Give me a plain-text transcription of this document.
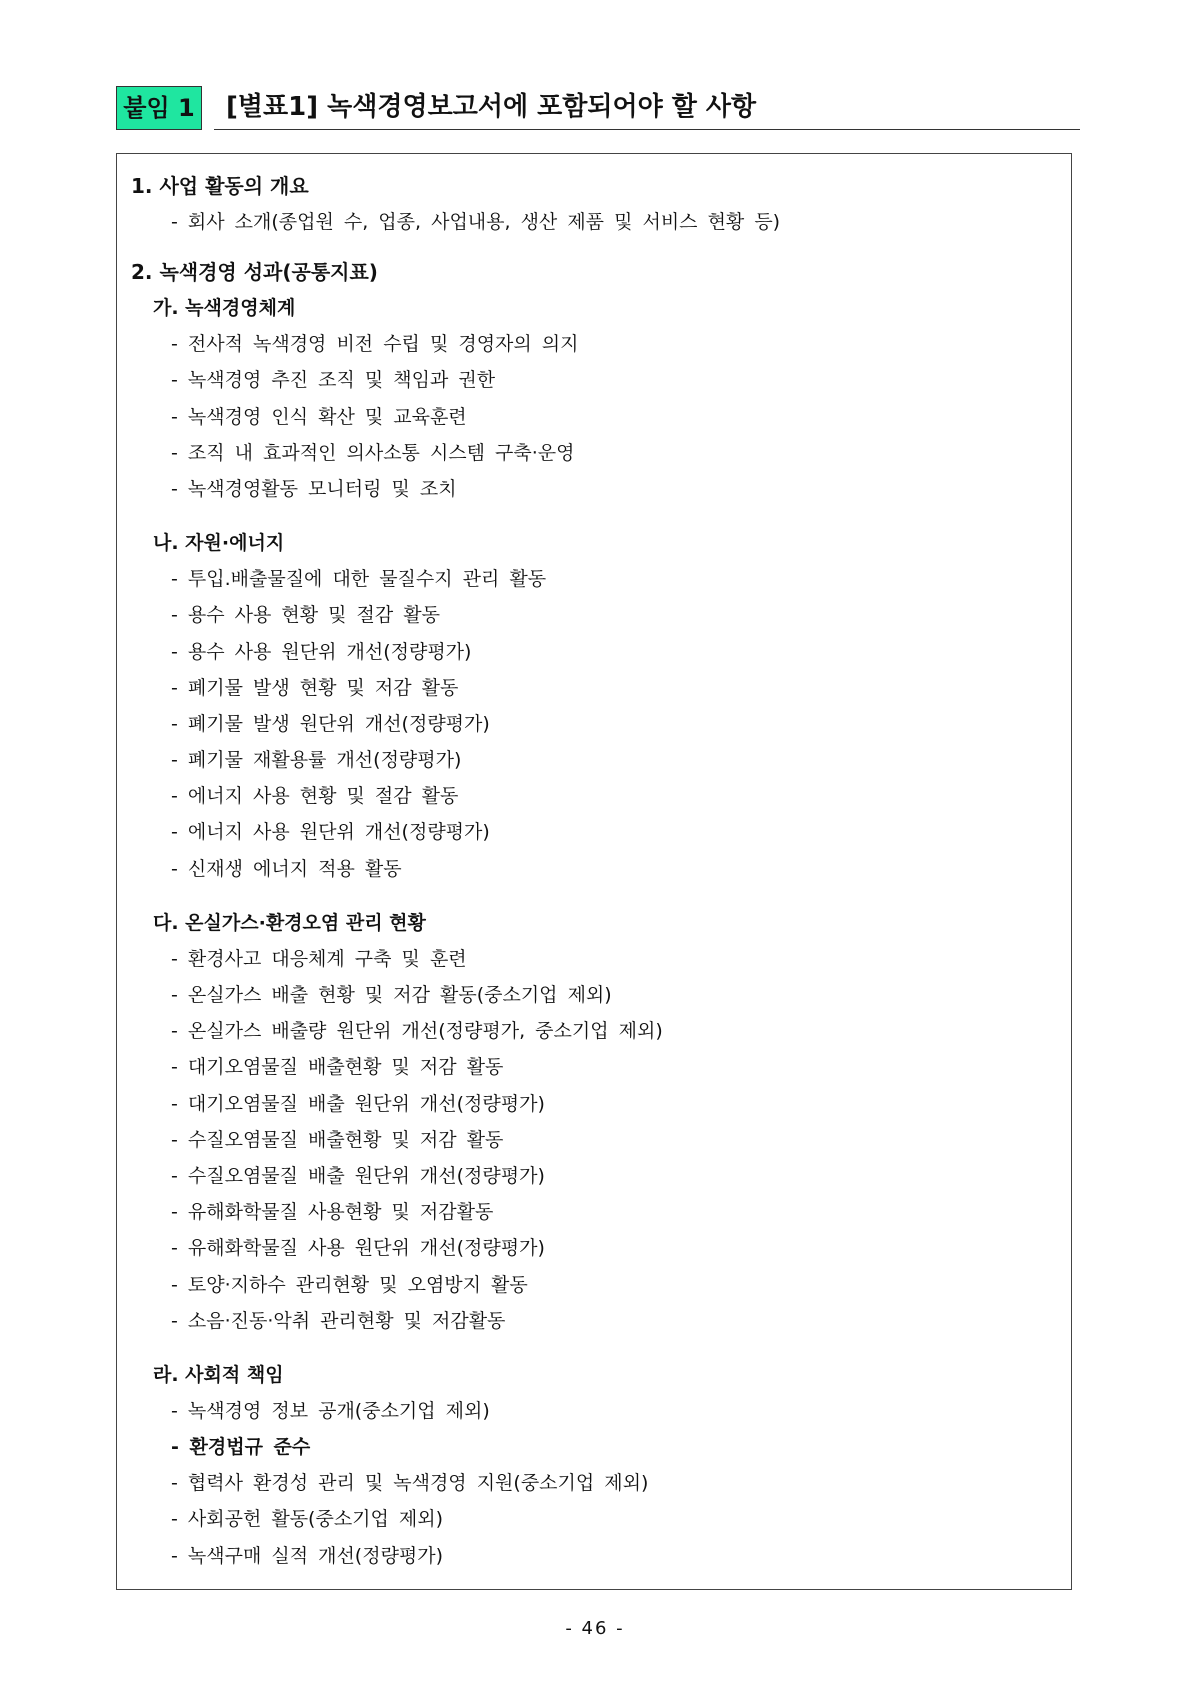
붙임 1	[별표1] 녹색경영보고서에 포함되어야 할 사항
1. 사업 활동의 개요
- 회사 소개(종업원 수, 업종, 사업내용, 생산 제품 및 서비스 현황 등)
2. 녹색경영 성과(공통지표)
가. 녹색경영체계
- 전사적 녹색경영 비전 수립 및 경영자의 의지
- 녹색경영 추진 조직 및 책임과 권한
- 녹색경영 인식 확산 및 교육훈련
- 조직 내 효과적인 의사소통 시스템 구축‧운영
- 녹색경영활동 모니터링 및 조치
나. 자원·에너지
- 투입.배출물질에 대한 물질수지 관리 활동
- 용수 사용 현황 및 절감 활동
- 용수 사용 원단위 개선(정량평가)
- 폐기물 발생 현황 및 저감 활동
- 폐기물 발생 원단위 개선(정량평가)
- 폐기물 재활용률 개선(정량평가)
- 에너지 사용 현황 및 절감 활동
- 에너지 사용 원단위 개선(정량평가)
- 신재생 에너지 적용 활동
다. 온실가스·환경오염 관리 현황
- 환경사고 대응체계 구축 및 훈련
- 온실가스 배출 현황 및 저감 활동(중소기업 제외)
- 온실가스 배출량 원단위 개선(정량평가, 중소기업 제외)
- 대기오염물질 배출현황 및 저감 활동
- 대기오염물질 배출 원단위 개선(정량평가)
- 수질오염물질 배출현황 및 저감 활동
- 수질오염물질 배출 원단위 개선(정량평가)
- 유해화학물질 사용현황 및 저감활동
- 유해화학물질 사용 원단위 개선(정량평가)
- 토양·지하수 관리현황 및 오염방지 활동
- 소음·진동·악취 관리현황 및 저감활동
라. 사회적 책임
- 녹색경영 정보 공개(중소기업 제외)
- 환경법규 준수
- 협력사 환경성 관리 및 녹색경영 지원(중소기업 제외)
- 사회공헌 활동(중소기업 제외)
- 녹색구매 실적 개선(정량평가)
- 46 -
